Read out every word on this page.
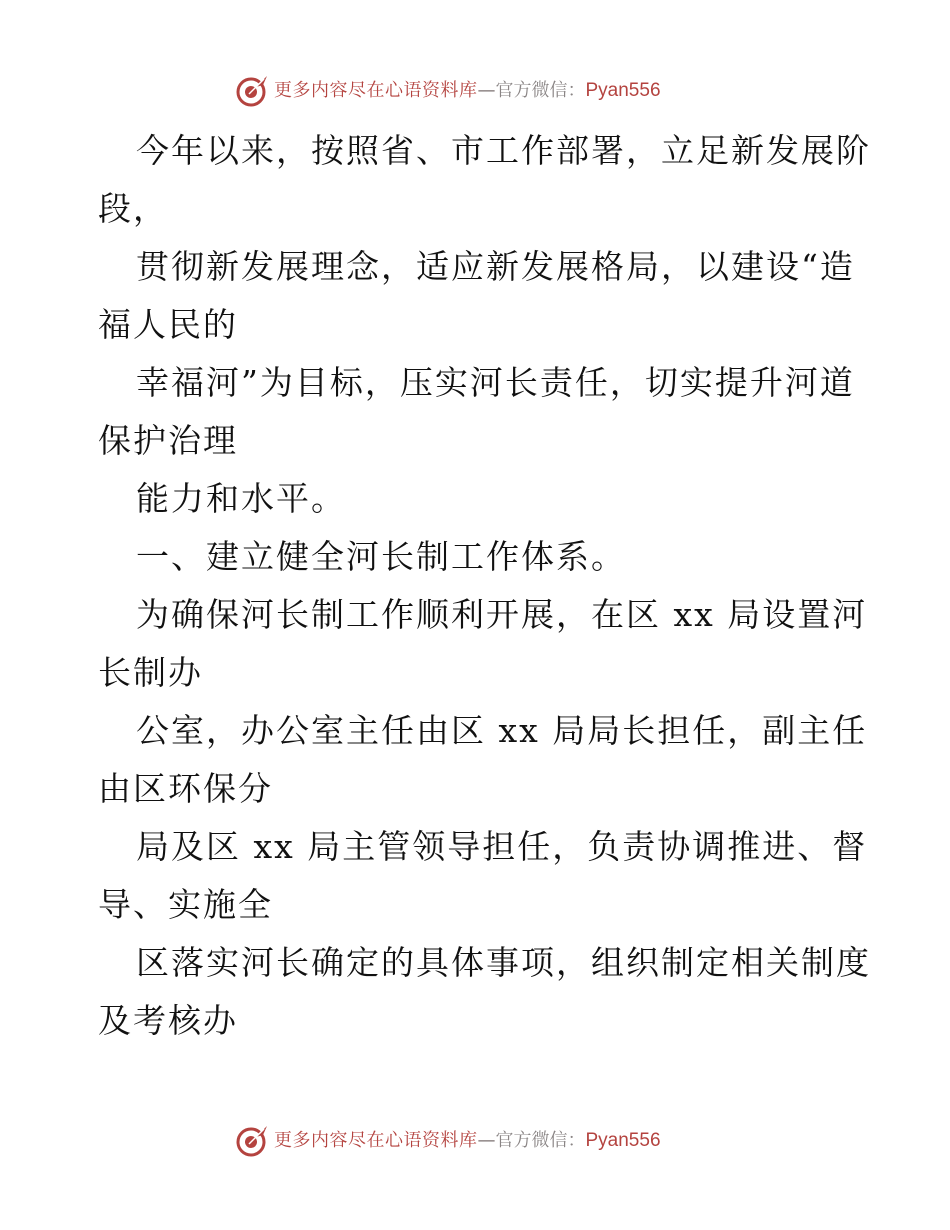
更多内容尽在心语资料库 — 官方微信： Pyan556
今年以来，按照省、市工作部署，立足新发展阶
段，
贯彻新发展理念，适应新发展格局，以建设“造
福人民的
幸福河”为目标，压实河长责任，切实提升河道
保护治理
能力和水平。
一、建立健全河长制工作体系。
为确保河长制工作顺利开展，在区 xx 局设置河
长制办
公室，办公室主任由区 xx 局局长担任，副主任
由区环保分
局及区 xx 局主管领导担任，负责协调推进、督
导、实施全
区落实河长确定的具体事项，组织制定相关制度
及考核办
更多内容尽在心语资料库 — 官方微信： Pyan556
